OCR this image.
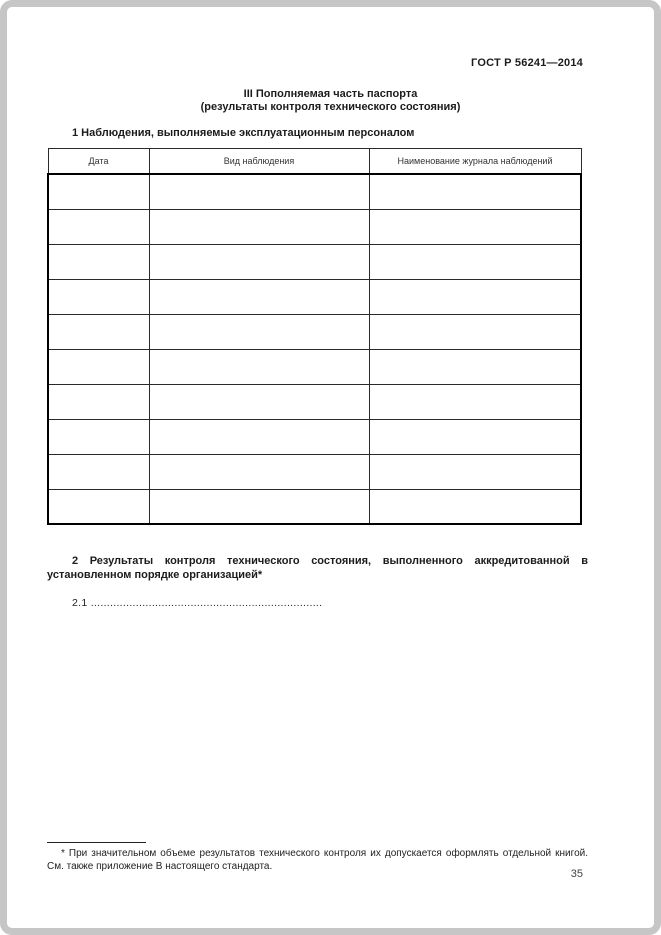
ГОСТ Р 56241—2014
III Пополняемая часть паспорта
(результаты контроля технического состояния)
1 Наблюдения, выполняемые эксплуатационным персоналом
Дата	Вид наблюдения	Наименование журнала наблюдений

2 Результаты контроля технического состояния, выполненного аккредитованной в установленном порядке организацией*
2.1 ........................................................................
* При значительном объеме результатов технического контроля их допускается оформлять отдельной книгой. См. также приложение В настоящего стандарта.
35
